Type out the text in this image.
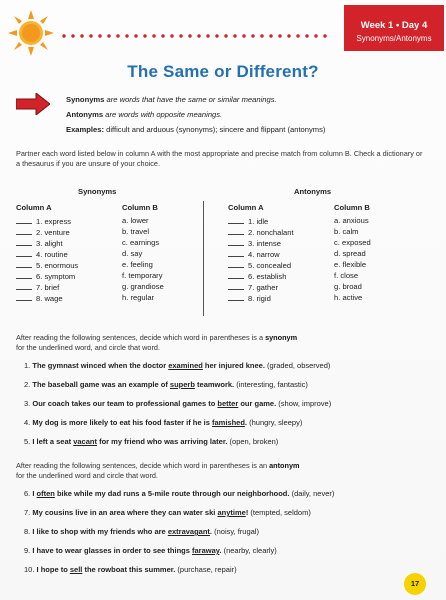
Week 1 • Day 4
Synonyms/Antonyms
The Same or Different?
Synonyms are words that have the same or similar meanings.
Antonyms are words with opposite meanings.
Examples: difficult and arduous (synonyms); sincere and flippant (antonyms)
Partner each word listed below in column A with the most appropriate and precise match from column B. Check a dictionary or a thesaurus if you are unsure of your choice.
Synonyms	Antonyms
Column A
1. express
2. venture
3. alight
4. routine
5. enormous
6. symptom
7. brief
8. wage
Column B
a. lower
b. travel
c. earnings
d. say
e. feeling
f. temporary
g. grandiose
h. regular
Column A
1. idle
2. nonchalant
3. intense
4. narrow
5. concealed
6. establish
7. gather
8. rigid
Column B
a. anxious
b. calm
c. exposed
d. spread
e. flexible
f. close
g. broad
h. active
After reading the following sentences, decide which word in parentheses is a synonym
for the underlined word, and circle that word.
1. The gymnast winced when the doctor examined her injured knee. (graded, observed)
2. The baseball game was an example of superb teamwork. (interesting, fantastic)
3. Our coach takes our team to professional games to better our game. (show, improve)
4. My dog is more likely to eat his food faster if he is famished. (hungry, sleepy)
5. I left a seat vacant for my friend who was arriving later. (open, broken)
After reading the following sentences, decide which word in parentheses is an antonym
for the underlined word and circle that word.
6. I often bike while my dad runs a 5-mile route through our neighborhood. (daily, never)
7. My cousins live in an area where they can water ski anytime! (tempted, seldom)
8. I like to shop with my friends who are extravagant. (noisy, frugal)
9. I have to wear glasses in order to see things faraway. (nearby, clearly)
10. I hope to sell the rowboat this summer. (purchase, repair)
17
